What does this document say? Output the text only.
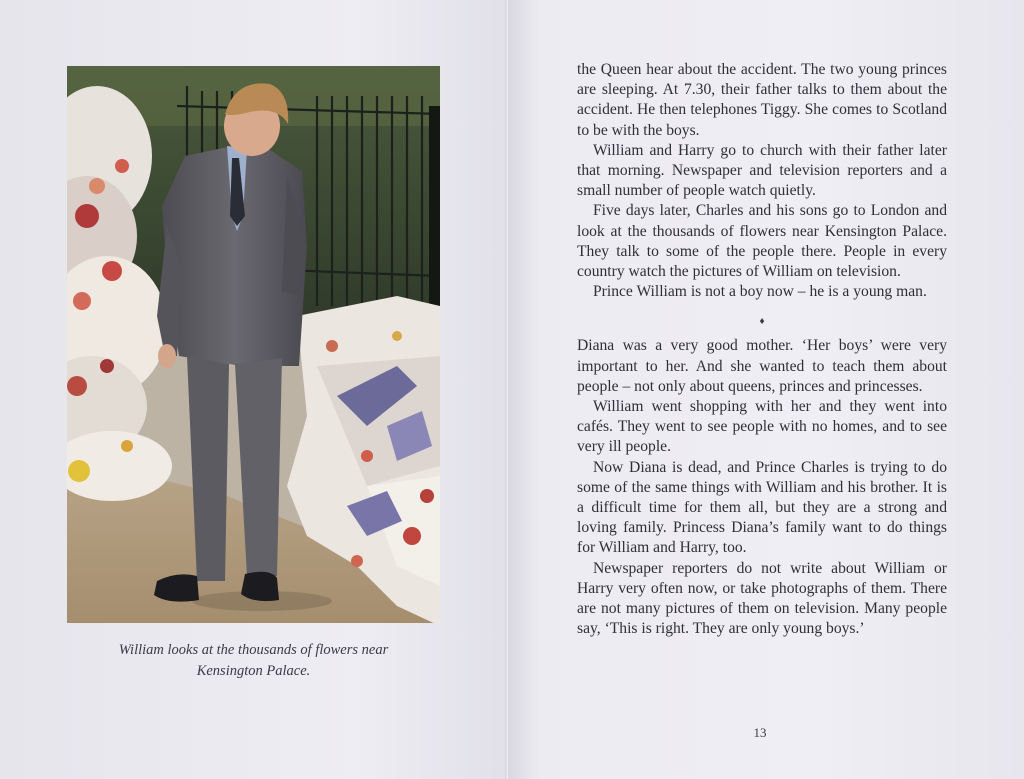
William looks at the thousands of flowers near
Kensington Palace.

the Queen hear about the accident. The two young princes are sleeping. At 7.30, their father talks to them about the accident. He then telephones Tiggy. She comes to Scotland to be with the boys.

William and Harry go to church with their father later that morning. Newspaper and television reporters and a small number of people watch quietly.

Five days later, Charles and his sons go to London and look at the thousands of flowers near Kensington Palace. They talk to some of the people there. People in every country watch the pictures of William on television.

Prince William is not a boy now – he is a young man.

♦

Diana was a very good mother. ‘Her boys’ were very important to her. And she wanted to teach them about people – not only about queens, princes and princesses.

William went shopping with her and they went into cafés. They went to see people with no homes, and to see very ill people.

Now Diana is dead, and Prince Charles is trying to do some of the same things with William and his brother. It is a difficult time for them all, but they are a strong and loving family. Princess Diana’s family want to do things for William and Harry, too.

Newspaper reporters do not write about William or Harry very often now, or take photographs of them. There are not many pictures of them on television. Many people say, ‘This is right. They are only young boys.’

13
